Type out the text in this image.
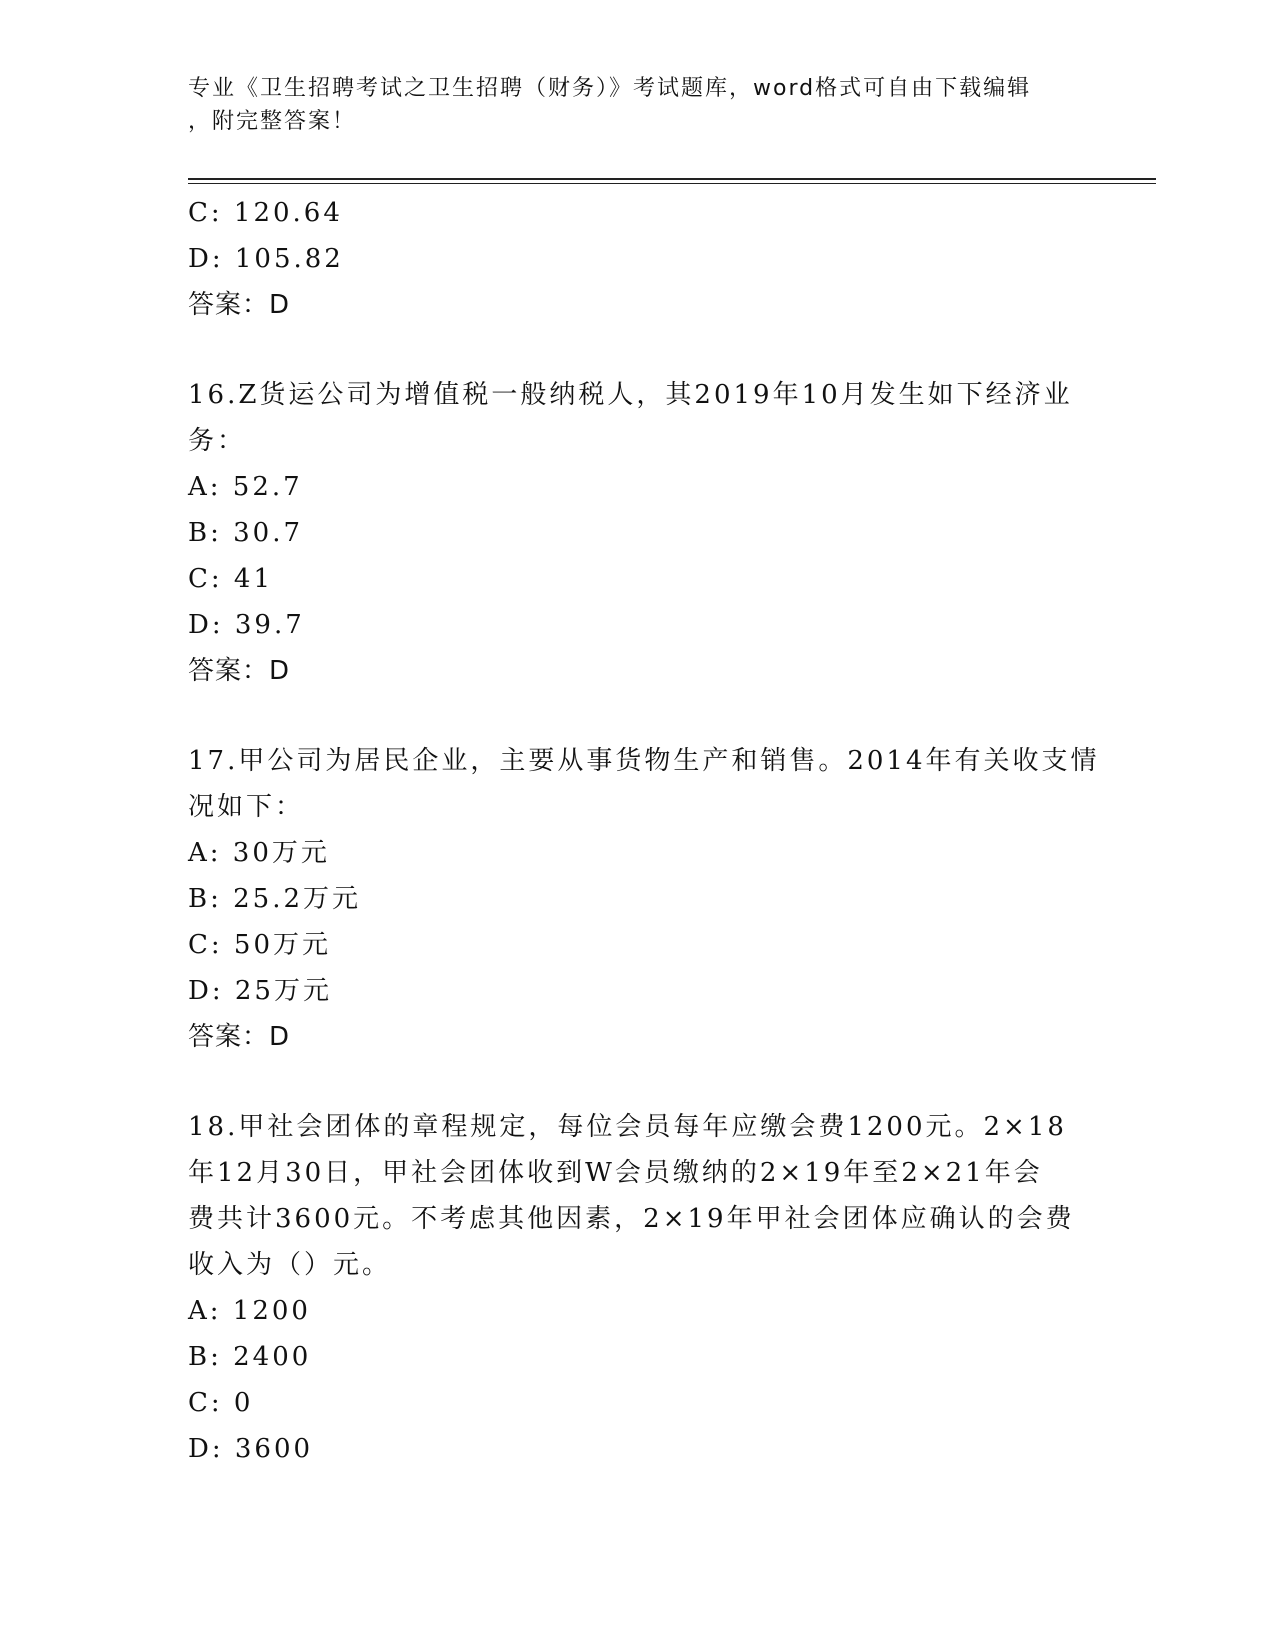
专业《卫生招聘考试之卫生招聘（财务）》考试题库，word格式可自由下载编辑
，附完整答案！
C: 120.64
D: 105.82
答案：D
16.Z货运公司为增值税一般纳税人，其2019年10月发生如下经济业
务：
A: 52.7
B: 30.7
C: 41
D: 39.7
答案：D
17.甲公司为居民企业，主要从事货物生产和销售。2014年有关收支情
况如下：
A: 30万元
B: 25.2万元
C: 50万元
D: 25万元
答案：D
18.甲社会团体的章程规定，每位会员每年应缴会费1200元。2×18
年12月30日，甲社会团体收到W会员缴纳的2×19年至2×21年会
费共计3600元。不考虑其他因素，2×19年甲社会团体应确认的会费
收入为（）元。
A: 1200
B: 2400
C: 0
D: 3600
